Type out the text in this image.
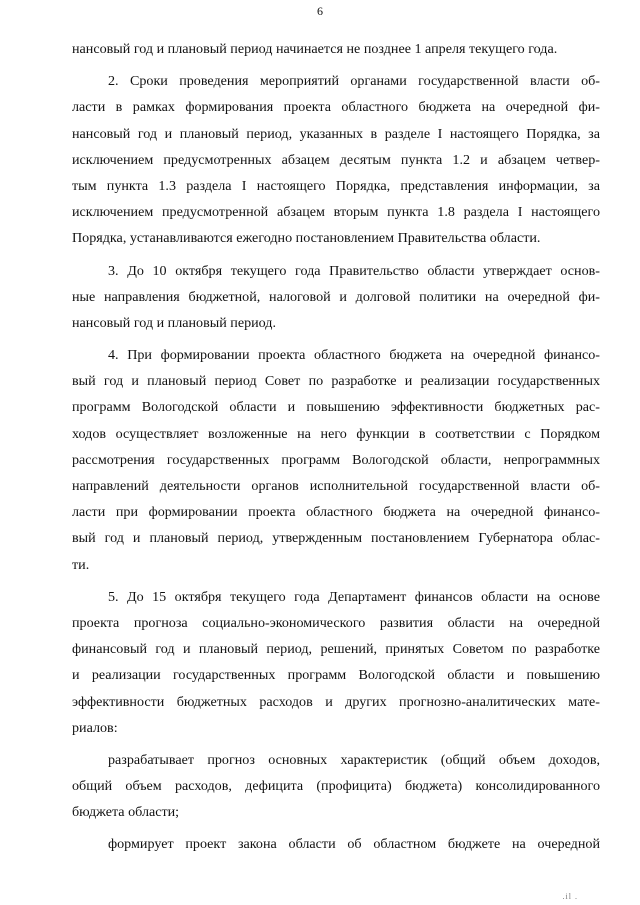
6
нансовый год и плановый период начинается не позднее 1 апреля текущего года.
2. Сроки проведения мероприятий органами государственной власти об-
ласти в рамках формирования проекта областного бюджета на очередной фи-
нансовый год и плановый период, указанных в разделе I настоящего Порядка, за
исключением предусмотренных абзацем десятым пункта 1.2 и абзацем четвер-
тым пункта 1.3 раздела I настоящего Порядка, представления информации, за
исключением предусмотренной абзацем вторым пункта 1.8 раздела I настоящего
Порядка, устанавливаются ежегодно постановлением Правительства области.
3. До 10 октября текущего года Правительство области утверждает основ-
ные направления бюджетной, налоговой и долговой политики на очередной фи-
нансовый год и плановый период.
4. При формировании проекта областного бюджета на очередной финансо-
вый год и плановый период Совет по разработке и реализации государственных
программ Вологодской области и повышению эффективности бюджетных рас-
ходов осуществляет возложенные на него функции в соответствии с Порядком
рассмотрения государственных программ Вологодской области, непрограммных
направлений деятельности органов исполнительной государственной власти об-
ласти при формировании проекта областного бюджета на очередной финансо-
вый год и плановый период, утвержденным постановлением Губернатора облас-
ти.
5. До 15 октября текущего года Департамент финансов области на основе
проекта прогноза социально-экономического развития области на очередной
финансовый год и плановый период, решений, принятых Советом по разработке
и реализации государственных программ Вологодской области и повышению
эффективности бюджетных расходов и других прогнозно-аналитических мате-
риалов:
разрабатывает прогноз основных характеристик (общий объем доходов,
общий объем расходов, дефицита (профицита) бюджета) консолидированного
бюджета области;
формирует проект закона области об областном бюджете на очередной
.il .
